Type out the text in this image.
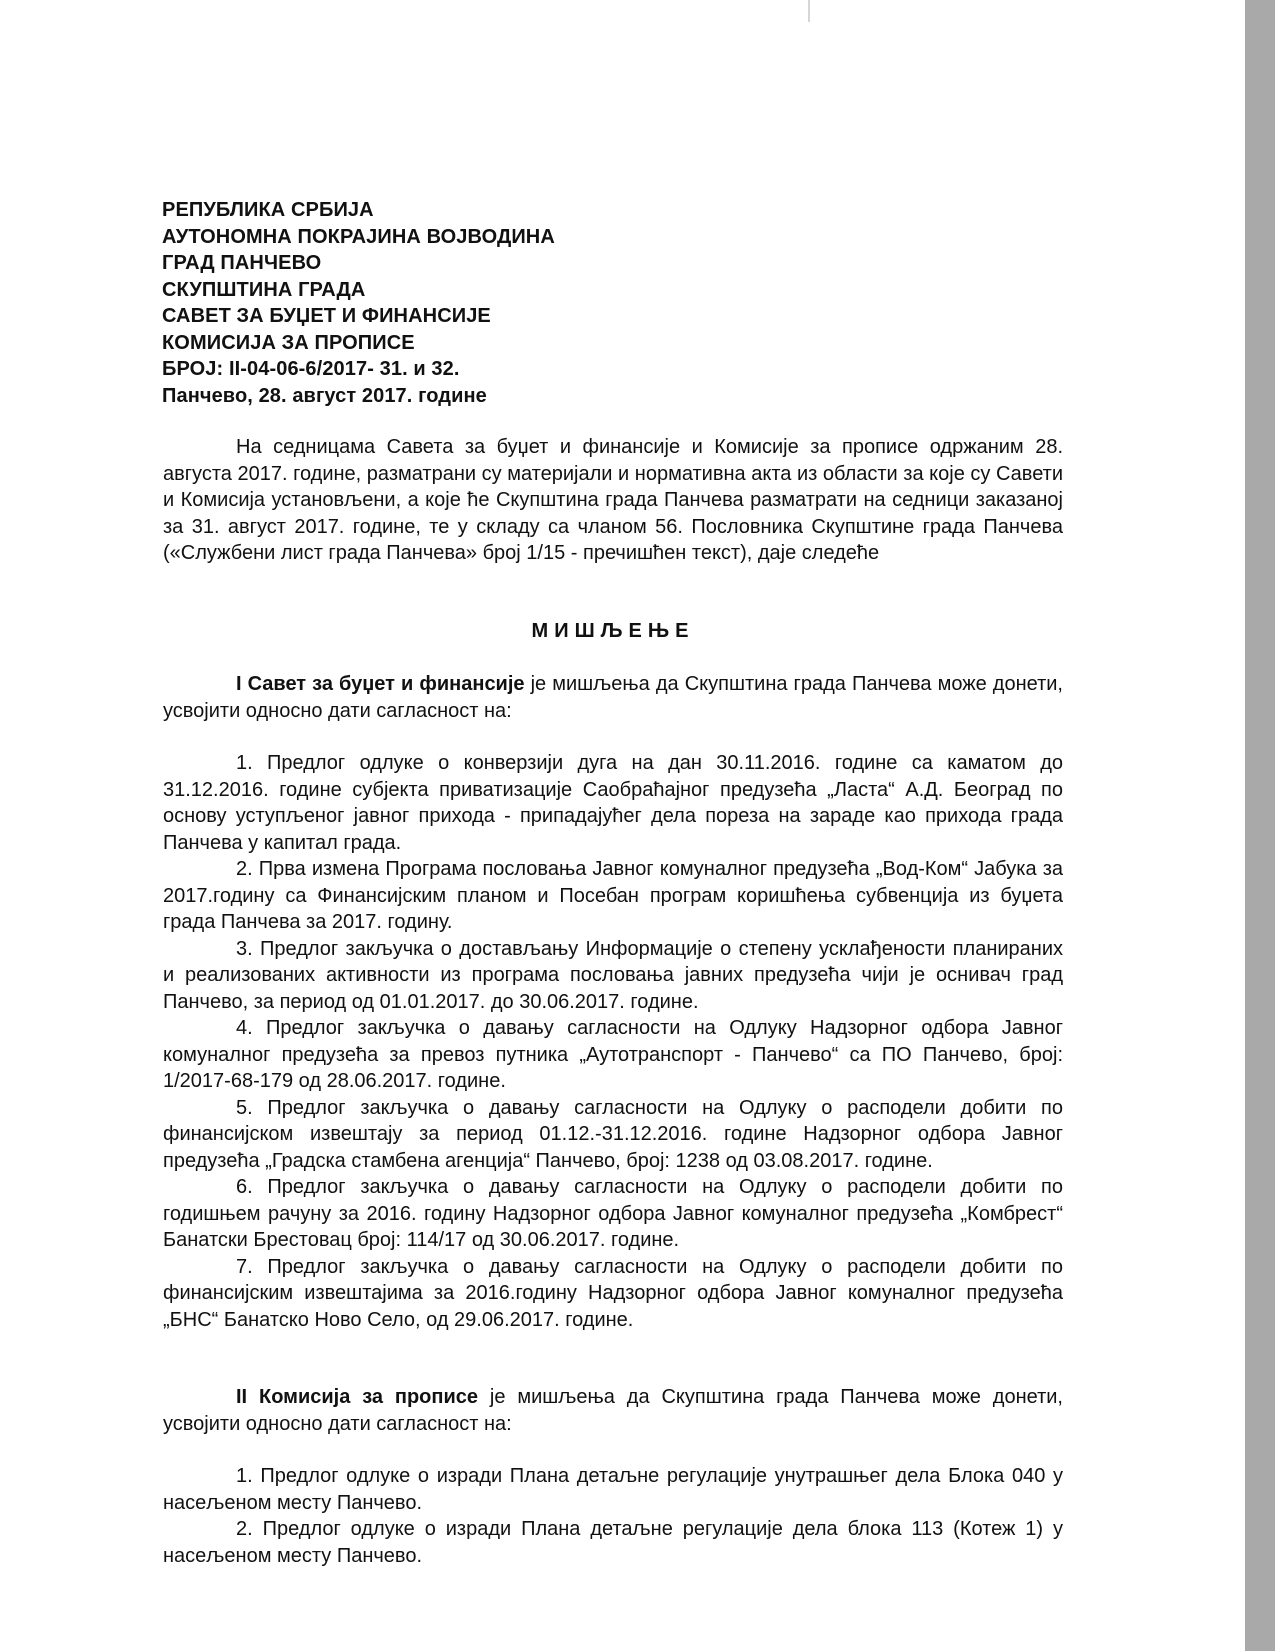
РЕПУБЛИКА СРБИЈА
АУТОНОМНА ПОКРАЈИНА ВОЈВОДИНА
ГРАД ПАНЧЕВО
СКУПШТИНА ГРАДА
САВЕТ ЗА БУЏЕТ И ФИНАНСИЈЕ
КОМИСИЈА ЗА ПРОПИСЕ
БРОЈ: II-04-06-6/2017- 31. и 32.
Панчево, 28. август 2017. године

На седницама Савета за буџет и финансије и Комисије за прописе одржаним 28. августа 2017. године, разматрани су материјали и нормативна акта из области за које су Савети и Комисија установљени, а које ће Скупштина града Панчева разматрати на седници заказаној за 31. август 2017. године, те у складу са чланом 56. Пословника Скупштине града Панчева («Службени лист града Панчева» број 1/15 - пречишћен текст), даје следеће

МИШЉЕЊЕ

I Савет за буџет и финансије је мишљења да Скупштина града Панчева може донети, усвојити односно дати сагласност на:

1. Предлог одлуке о конверзији дуга на дан 30.11.2016. године са каматом до 31.12.2016. године субјекта приватизације Саобраћајног предузећа „Ласта“ А.Д. Београд по основу уступљеног јавног прихода - припадајућег дела пореза на зараде као прихода града Панчева у капитал града.

2. Прва измена Програма пословања Јавног комуналног предузећа „Вод-Ком“ Јабука за 2017.годину са Финансијским планом и Посебан програм коришћења субвенција из буџета града Панчева за 2017. годину.

3. Предлог закључка о достављању Информације о степену усклађености планираних и реализованих активности из програма пословања јавних предузећа чији је оснивач град Панчево, за период од 01.01.2017. до 30.06.2017. године.

4. Предлог закључка о давању сагласности на Одлуку Надзорног одбора Јавног комуналног предузећа за превоз путника „Аутотранспорт - Панчево“ са ПО Панчево, број: 1/2017-68-179 од 28.06.2017. године.

5. Предлог закључка о давању сагласности на Одлуку о расподели добити по финансијском извештају за период 01.12.-31.12.2016. године Надзорног одбора Јавног предузећа „Градска стамбена агенција“ Панчево, број: 1238 од 03.08.2017. године.

6. Предлог закључка о давању сагласности на Одлуку о расподели добити по годишњем рачуну за 2016. годину Надзорног одбора Јавног комуналног предузећа „Комбрест“ Банатски Брестовац број: 114/17 од 30.06.2017. године.

7. Предлог закључка о давању сагласности на Одлуку о расподели добити по финансијским извештајима за 2016.годину Надзорног одбора Јавног комуналног предузећа „БНС“ Банатско Ново Село, од 29.06.2017. године.

II Комисија за прописе је мишљења да Скупштина града Панчева може донети, усвојити односно дати сагласност на:

1. Предлог одлуке о изради Плана детаљне регулације унутрашњег дела Блока 040 у насељеном месту Панчево.

2. Предлог одлуке о изради Плана детаљне регулације дела блока 113 (Котеж 1) у насељеном месту Панчево.
